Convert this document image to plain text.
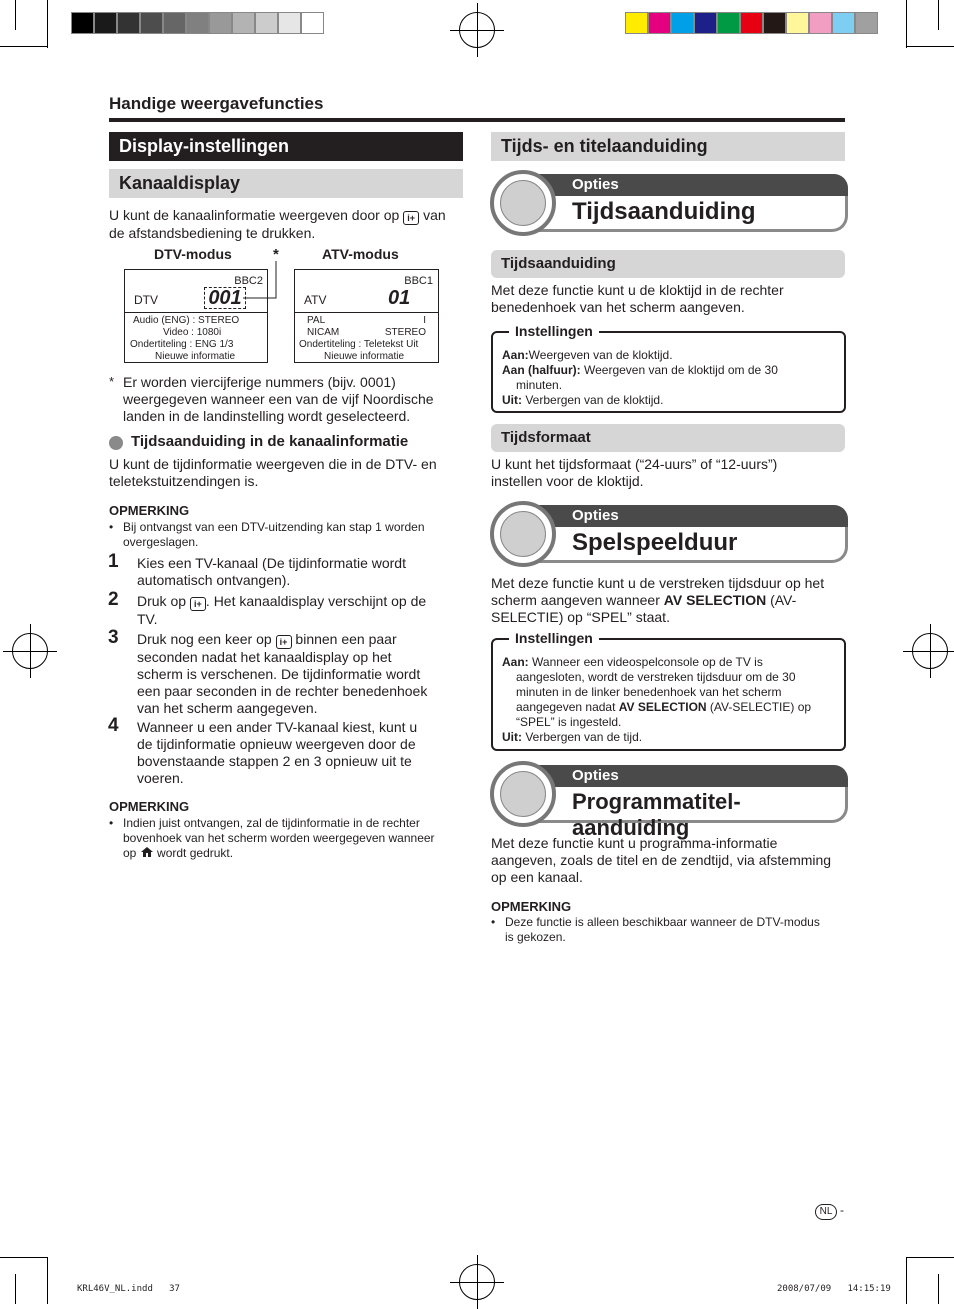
Handige weergavefuncties
Display-instellingen
Kanaaldisplay
U kunt de kanaalinformatie weergeven door op i+ van
de afstandsbediening te drukken.
DTV-modus	*	ATV-modus
BBC2
DTV	001
Audio (ENG) : STEREO
Video : 1080i
Ondertiteling : ENG 1/3
Nieuwe informatie
BBC1
ATV	01
PAL	I
NICAM	STEREO
Ondertiteling : Teletekst Uit
Nieuwe informatie
* Er worden viercijferige nummers (bijv. 0001)
weergegeven wanneer een van de vijf Noordische
landen in de landinstelling wordt geselecteerd.
Tijdsaanduiding in de kanaalinformatie
U kunt de tijdinformatie weergeven die in de DTV- en
teletekstuitzendingen is.
OPMERKING
• Bij ontvangst van een DTV-uitzending kan stap 1 worden
overgeslagen.
1 Kies een TV-kanaal (De tijdinformatie wordt
automatisch ontvangen).
2 Druk op i+ . Het kanaaldisplay verschijnt op de
TV.
3 Druk nog een keer op i+ binnen een paar
seconden nadat het kanaaldisplay op het
scherm is verschenen. De tijdinformatie wordt
een paar seconden in de rechter benedenhoek
van het scherm aangegeven.
4 Wanneer u een ander TV-kanaal kiest, kunt u
de tijdinformatie opnieuw weergeven door de
bovenstaande stappen 2 en 3 opnieuw uit te
voeren.
OPMERKING
• Indien juist ontvangen, zal de tijdinformatie in de rechter
bovenhoek van het scherm worden weergegeven wanneer
op wordt gedrukt.
Tijds- en titelaanduiding
Opties
Tijdsaanduiding
Tijdsaanduiding
Met deze functie kunt u de kloktijd in de rechter
benedenhoek van het scherm aangeven.
Instellingen
Aan:Weergeven van de kloktijd.
Aan (halfuur): Weergeven van de kloktijd om de 30
minuten.
Uit: Verbergen van de kloktijd.
Tijdsformaat
U kunt het tijdsformaat (“24-uurs” of “12-uurs”)
instellen voor de kloktijd.
Opties
Spelspeelduur
Met deze functie kunt u de verstreken tijdsduur op het
scherm aangeven wanneer AV SELECTION (AV-
SELECTIE) op “SPEL” staat.
Instellingen
Aan: Wanneer een videospelconsole op de TV is
aangesloten, wordt de verstreken tijdsduur om de 30
minuten in de linker benedenhoek van het scherm
aangegeven nadat AV SELECTION (AV-SELECTIE) op
“SPEL” is ingesteld.
Uit: Verbergen van de tijd.
Opties
Programmatitel-aanduiding
Met deze functie kunt u programma-informatie
aangeven, zoals de titel en de zendtijd, via afstemming
op een kanaal.
OPMERKING
• Deze functie is alleen beschikbaar wanneer de DTV-modus
is gekozen.
NL -
KRL46V_NL.indd   37	2008/07/09   14:15:19
